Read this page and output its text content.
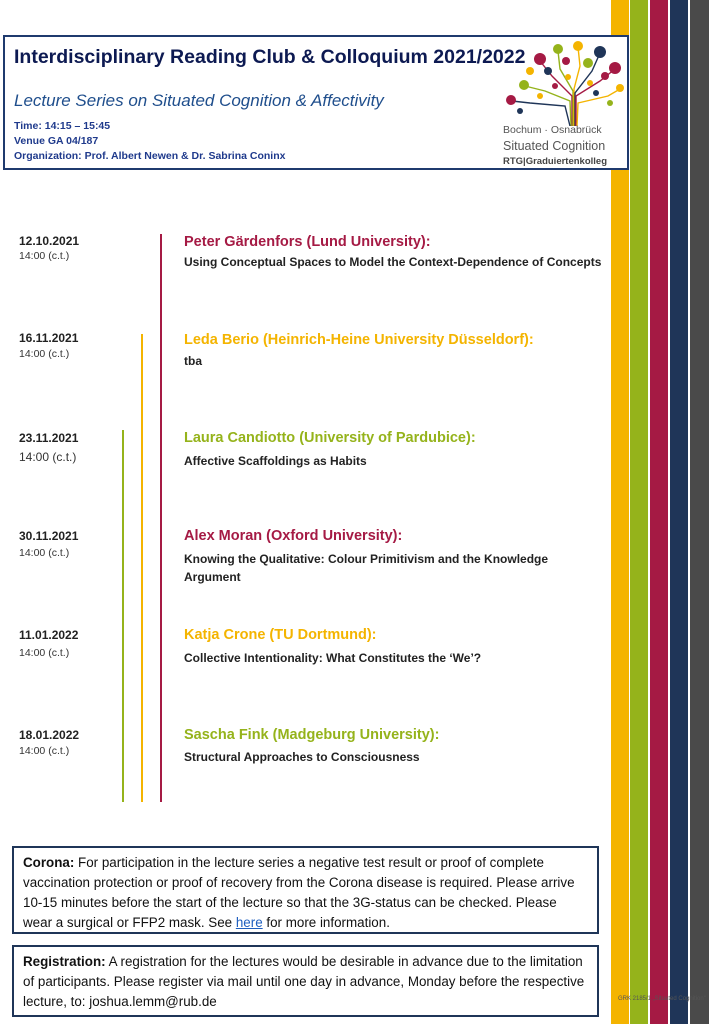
Interdisciplinary Reading Club & Colloquium 2021/2022
Lecture Series on Situated Cognition & Affectivity
Time: 14:15 – 15:45
Venue GA 04/187
Organization: Prof. Albert Newen & Dr. Sabrina Coninx
Bochum · Osnabrück
Situated Cognition
RTG|Graduiertenkolleg
12.10.2021
14:00 (c.t.)
Peter Gärdenfors (Lund University):
Using Conceptual Spaces to Model the Context-Dependence of Concepts
16.11.2021
14:00 (c.t.)
Leda Berio (Heinrich-Heine University Düsseldorf):
tba
23.11.2021
14:00 (c.t.)
Laura Candiotto (University of Pardubice):
Affective Scaffoldings as Habits
30.11.2021
14:00 (c.t.)
Alex Moran (Oxford University):
Knowing the Qualitative: Colour Primitivism and the Knowledge Argument
11.01.2022
14:00 (c.t.)
Katja Crone (TU Dortmund):
Collective Intentionality: What Constitutes the ‘We’?
18.01.2022
14:00 (c.t.)
Sascha Fink (Madgeburg University):
Structural Approaches to Consciousness
Corona: For participation in the lecture series a negative test result or proof of complete vaccination protection or proof of recovery from the Corona disease is required. Please arrive 10-15 minutes before the start of the lecture so that the 3G-status can be checked. Please wear a surgical or FFP2 mask. See here for more information.
Registration: A registration for the lectures would be desirable in advance due to the limitation of participants. Please register via mail until one day in advance, Monday before the respective lecture, to: joshua.lemm@rub.de	GRK 2185/1 „Situated Cognition“
